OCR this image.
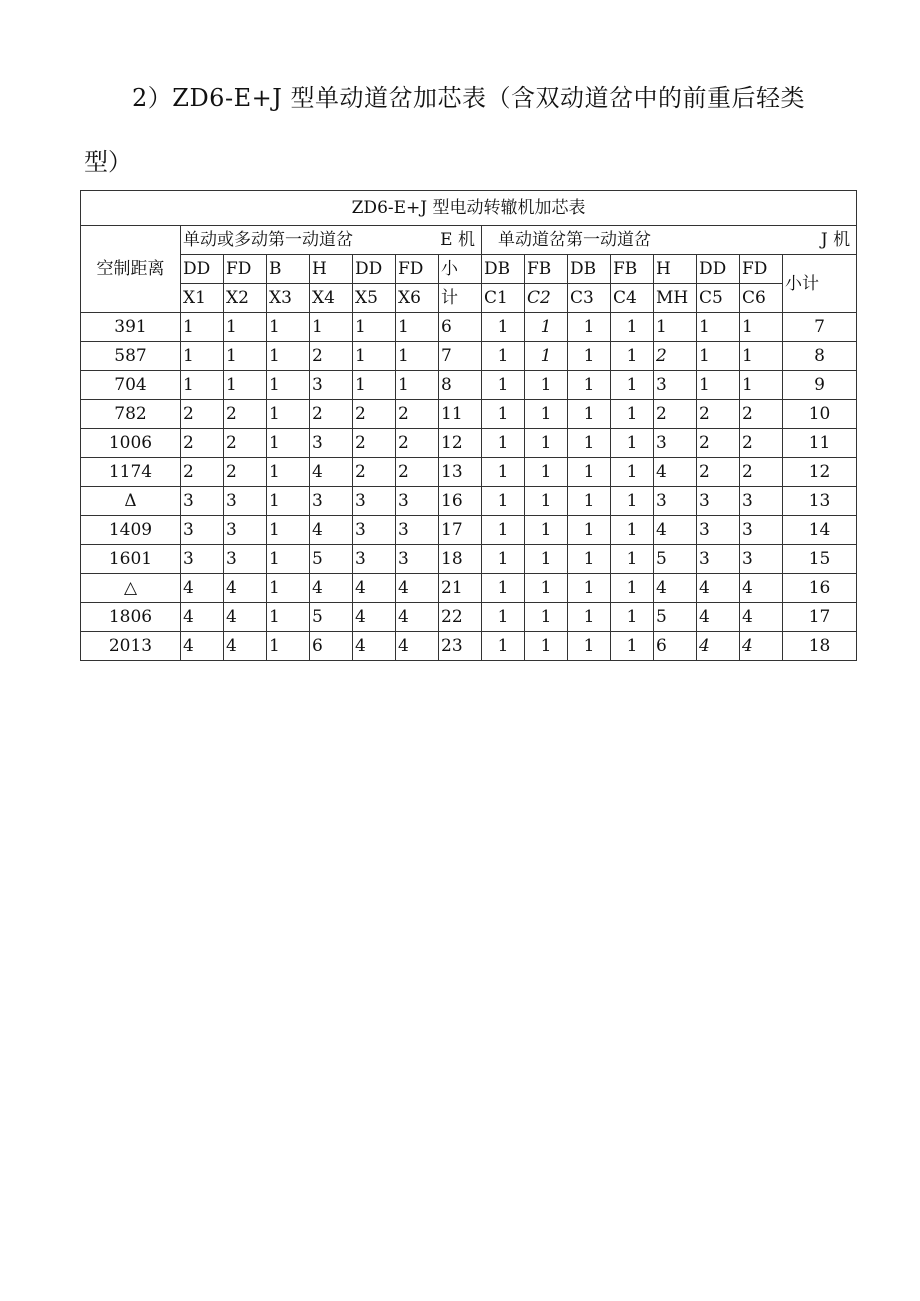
2）ZD6-E+J 型单动道岔加芯表（含双动道岔中的前重后轻类
型）
ZD6-E+J 型电动转辙机加芯表															
空制距离	单动或多动第一动道岔 E 机							单动道岔第一动道岔 J 机							

	DD	FD	B	H	DD	FD	小	DB	FB	DB	FB	H	DD	FD	小计
	X1	X2	X3	X4	X5	X6	计	C1	C2	C3	C4	MH	C5	C6	
391	1	1	1	1	1	1	6	1	1	1	1	1	1	1	7
587	1	1	1	2	1	1	7	1	1	1	1	2	1	1	8
704	1	1	1	3	1	1	8	1	1	1	1	3	1	1	9
782	2	2	1	2	2	2	11	1	1	1	1	2	2	2	10
1006	2	2	1	3	2	2	12	1	1	1	1	3	2	2	11
1174	2	2	1	4	2	2	13	1	1	1	1	4	2	2	12
Δ	3	3	1	3	3	3	16	1	1	1	1	3	3	3	13
1409	3	3	1	4	3	3	17	1	1	1	1	4	3	3	14
1601	3	3	1	5	3	3	18	1	1	1	1	5	3	3	15
△	4	4	1	4	4	4	21	1	1	1	1	4	4	4	16
1806	4	4	1	5	4	4	22	1	1	1	1	5	4	4	17
2013	4	4	1	6	4	4	23	1	1	1	1	6	4	4	18
